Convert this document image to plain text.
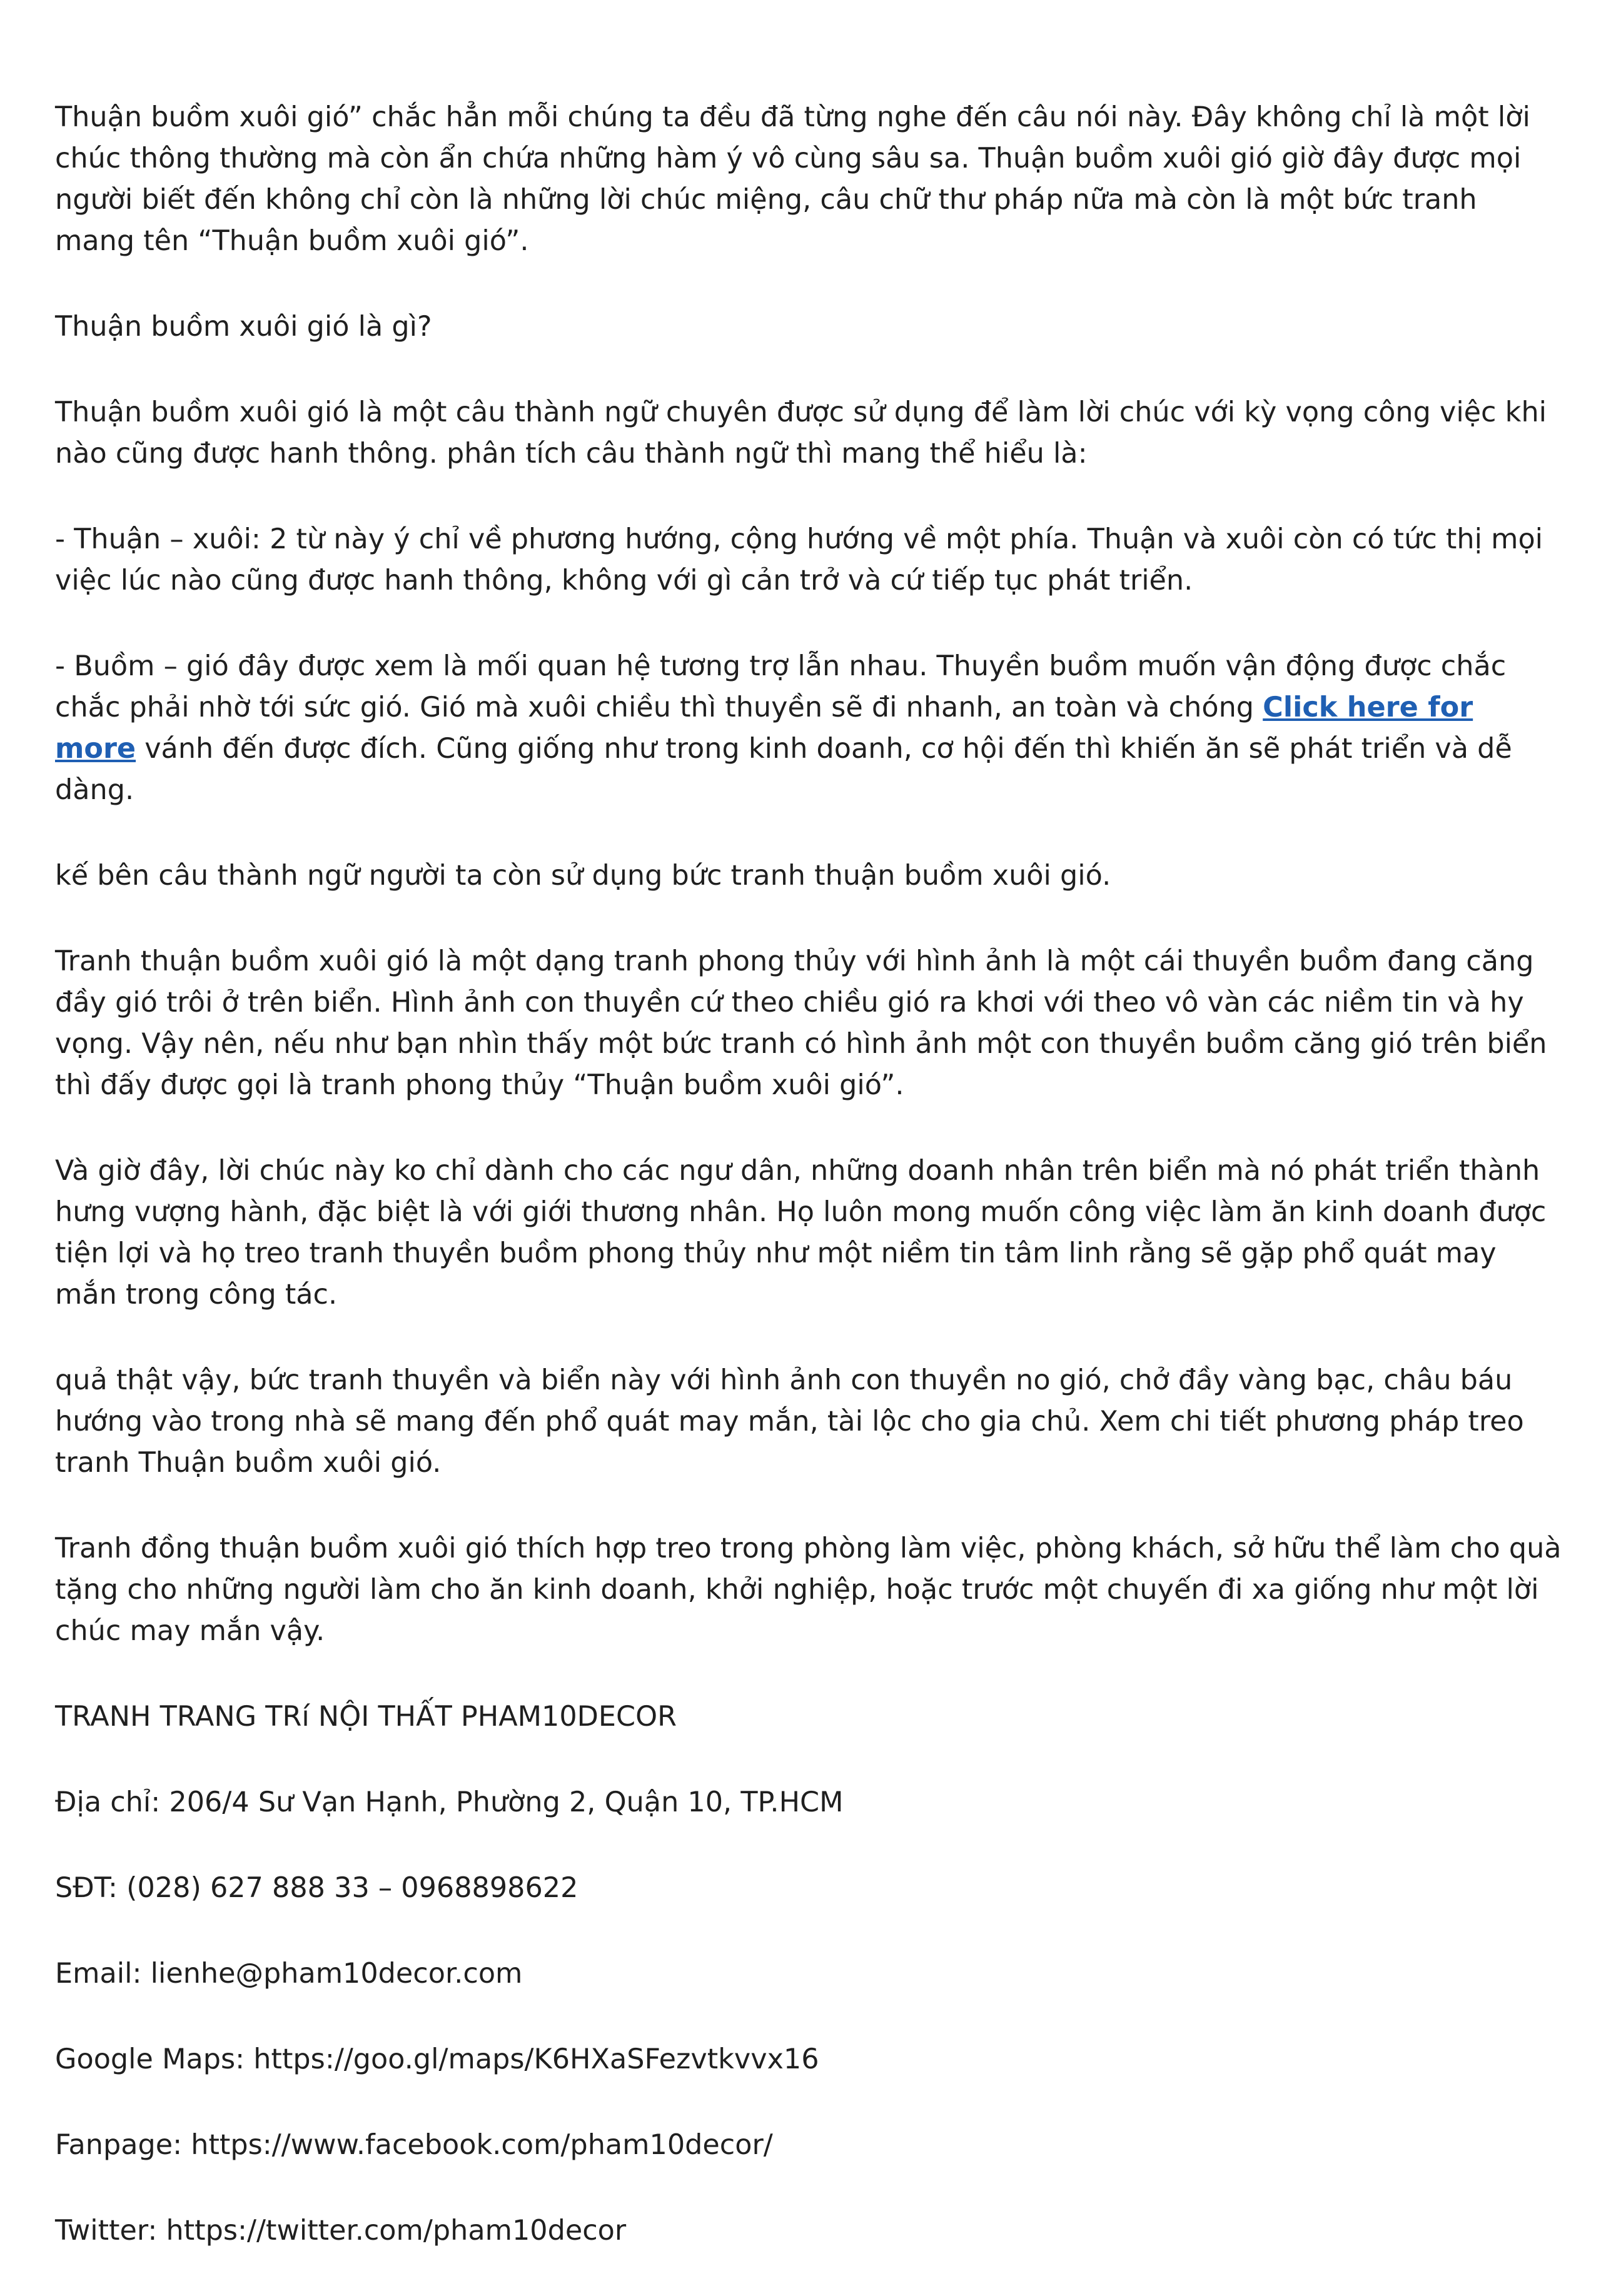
Thuận buồm xuôi gió” chắc hẳn mỗi chúng ta đều đã từng nghe đến câu nói này. Đây không chỉ là một lời chúc thông thường mà còn ẩn chứa những hàm ý vô cùng sâu sa. Thuận buồm xuôi gió giờ đây được mọi người biết đến không chỉ còn là những lời chúc miệng, câu chữ thư pháp nữa mà còn là một bức tranh mang tên “Thuận buồm xuôi gió”.

Thuận buồm xuôi gió là gì?

Thuận buồm xuôi gió là một câu thành ngữ chuyên được sử dụng để làm lời chúc với kỳ vọng công việc khi nào cũng được hanh thông. phân tích câu thành ngữ thì mang thể hiểu là:

- Thuận – xuôi: 2 từ này ý chỉ về phương hướng, cộng hướng về một phía. Thuận và xuôi còn có tức thị mọi việc lúc nào cũng được hanh thông, không với gì cản trở và cứ tiếp tục phát triển.

- Buồm – gió đây được xem là mối quan hệ tương trợ lẫn nhau. Thuyền buồm muốn vận động được chắc chắc phải nhờ tới sức gió. Gió mà xuôi chiều thì thuyền sẽ đi nhanh, an toàn và chóng Click here for more vánh đến được đích. Cũng giống như trong kinh doanh, cơ hội đến thì khiến ăn sẽ phát triển và dễ dàng.

kế bên câu thành ngữ người ta còn sử dụng bức tranh thuận buồm xuôi gió.

Tranh thuận buồm xuôi gió là một dạng tranh phong thủy với hình ảnh là một cái thuyền buồm đang căng đầy gió trôi ở trên biển. Hình ảnh con thuyền cứ theo chiều gió ra khơi với theo vô vàn các niềm tin và hy vọng. Vậy nên, nếu như bạn nhìn thấy một bức tranh có hình ảnh một con thuyền buồm căng gió trên biển thì đấy được gọi là tranh phong thủy “Thuận buồm xuôi gió”.

Và giờ đây, lời chúc này ko chỉ dành cho các ngư dân, những doanh nhân trên biển mà nó phát triển thành hưng vượng hành, đặc biệt là với giới thương nhân. Họ luôn mong muốn công việc làm ăn kinh doanh được tiện lợi và họ treo tranh thuyền buồm phong thủy như một niềm tin tâm linh rằng sẽ gặp phổ quát may mắn trong công tác.

quả thật vậy, bức tranh thuyền và biển này với hình ảnh con thuyền no gió, chở đầy vàng bạc, châu báu hướng vào trong nhà sẽ mang đến phổ quát may mắn, tài lộc cho gia chủ. Xem chi tiết phương pháp treo tranh Thuận buồm xuôi gió.

Tranh đồng thuận buồm xuôi gió thích hợp treo trong phòng làm việc, phòng khách, sở hữu thể làm cho quà tặng cho những người làm cho ăn kinh doanh, khởi nghiệp, hoặc trước một chuyến đi xa giống như một lời chúc may mắn vậy.

TRANH TRANG TRí NỘI THẤT PHAM10DECOR

Địa chỉ: 206/4 Sư Vạn Hạnh, Phường 2, Quận 10, TP.HCM

SĐT: (028) 627 888 33 – 0968898622

Email: lienhe@pham10decor.com

Google Maps: https://goo.gl/maps/K6HXaSFezvtkvvx16

Fanpage: https://www.facebook.com/pham10decor/

Twitter: https://twitter.com/pham10decor
